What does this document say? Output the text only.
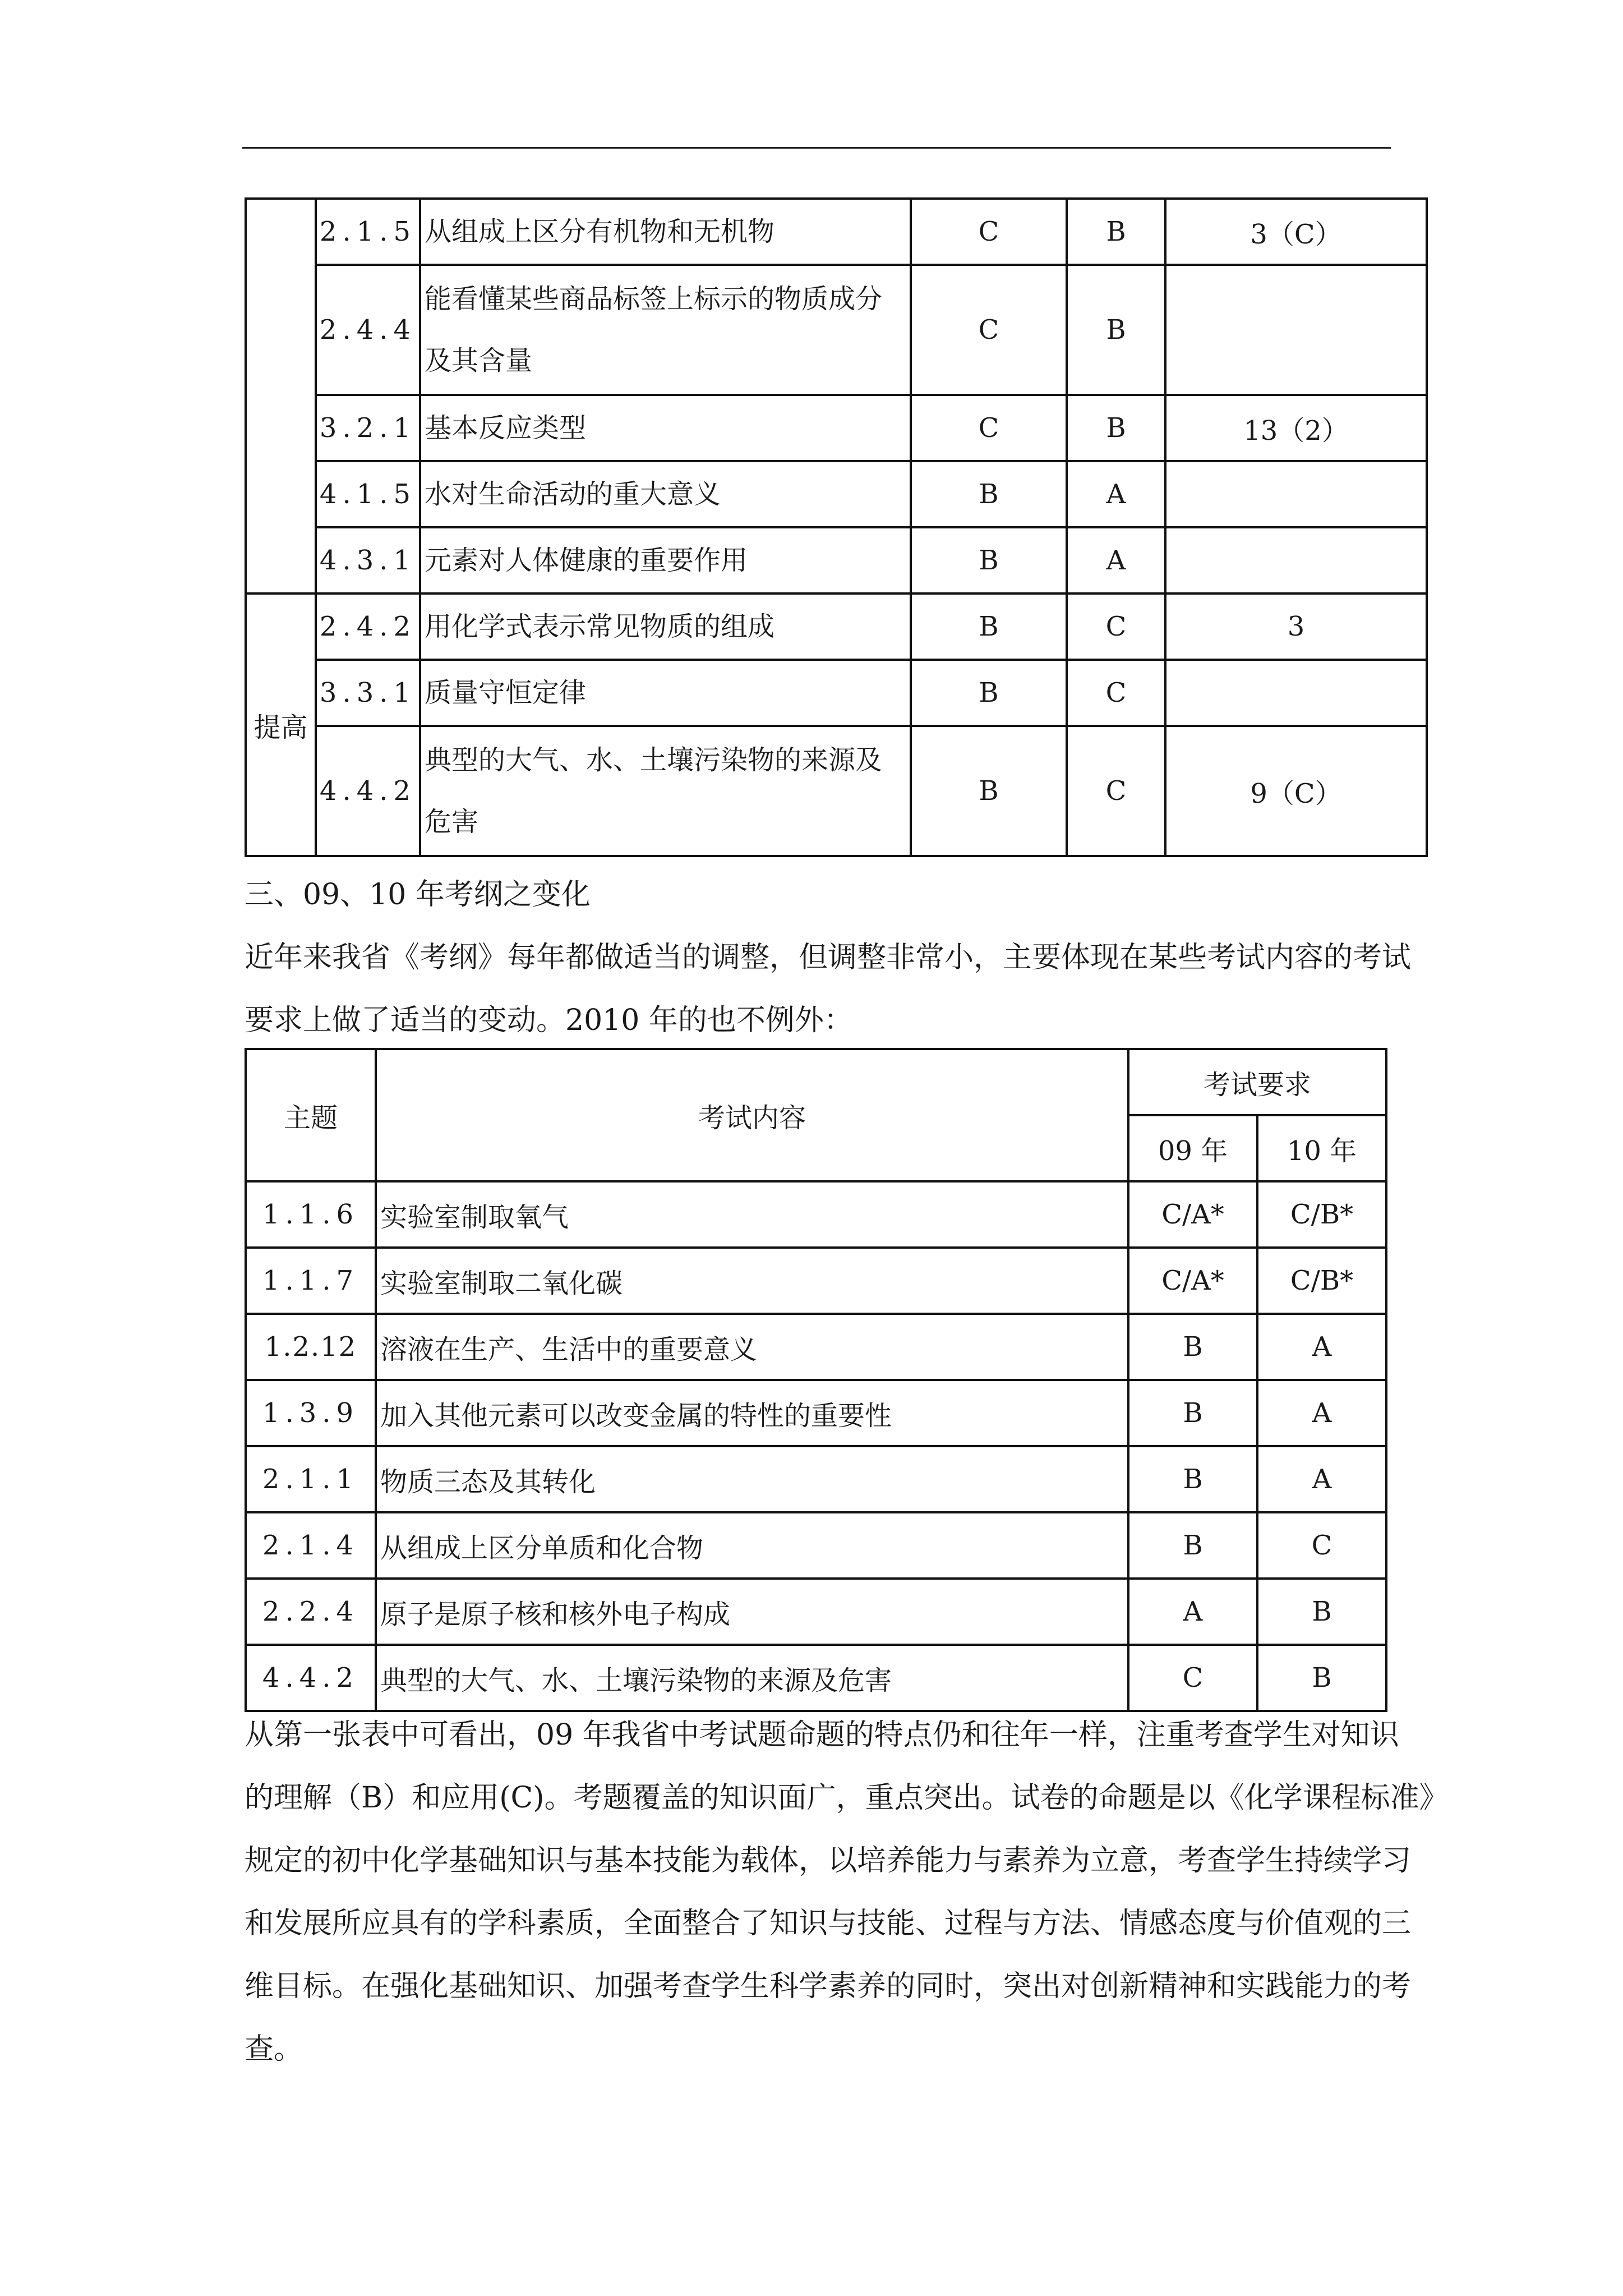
	2.1.5	从组成上区分有机物和无机物	C	B	3（C）
	2.4.4	能看懂某些商品标签上标示的物质成分
及其含量	C	B	
	3.2.1	基本反应类型	C	B	13（2）
	4.1.5	水对生命活动的重大意义	B	A	
	4.3.1	元素对人体健康的重要作用	B	A	
提高	2.4.2	用化学式表示常见物质的组成	B	C	3
	3.3.1	质量守恒定律	B	C	
	4.4.2	典型的大气、水、土壤污染物的来源及
危害	B	C	9（C）
三、09、10 年考纲之变化
近年来我省《考纲》每年都做适当的调整，但调整非常小，主要体现在某些考试内容的考试
要求上做了适当的变动。2010 年的也不例外：
主题	考试内容	考试要求	
		09 年	10 年
1.1.6	实验室制取氧气	C/A*	C/B*
1.1.7	实验室制取二氧化碳	C/A*	C/B*
1.2.12	溶液在生产、生活中的重要意义	B	A
1.3.9	加入其他元素可以改变金属的特性的重要性	B	A
2.1.1	物质三态及其转化	B	A
2.1.4	从组成上区分单质和化合物	B	C
2.2.4	原子是原子核和核外电子构成	A	B
4.4.2	典型的大气、水、土壤污染物的来源及危害	C	B
从第一张表中可看出，09 年我省中考试题命题的特点仍和往年一样，注重考查学生对知识
的理解（B）和应用(C)。考题覆盖的知识面广，重点突出。试卷的命题是以《化学课程标准》
规定的初中化学基础知识与基本技能为载体，以培养能力与素养为立意，考查学生持续学习
和发展所应具有的学科素质，全面整合了知识与技能、过程与方法、情感态度与价值观的三
维目标。在强化基础知识、加强考查学生科学素养的同时，突出对创新精神和实践能力的考
查。
